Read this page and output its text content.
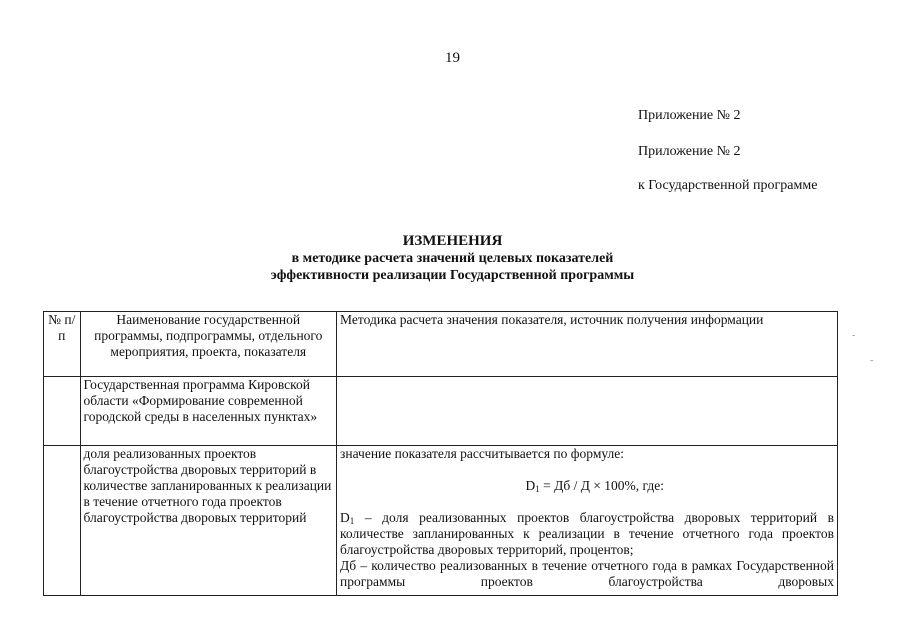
19
Приложение № 2
Приложение № 2
к Государственной программе
ИЗМЕНЕНИЯ
в методике расчета значений целевых показателей
эффективности реализации Государственной программы
№ п/п	Наименование государственной программы, подпрограммы, отдельного мероприятия, проекта, показателя	Методика расчета значения показателя, источник получения информации
	Государственная программа Кировской области «Формирование современной городской среды в населенных пунктах»	
	доля реализованных проектов благоустройства дворовых территорий в количестве запланированных к реализации в течение отчетного года проектов благоустройства дворовых территорий	значение показателя рассчитывается по формуле:
$D_1$ = Дб / Д × 100%, где:
$D_1$ – доля реализованных проектов благоустройства дворовых территорий в количестве запланированных к реализации в течение отчетного года проектов благоустройства дворовых территорий, процентов;
Дб – количество реализованных в течение отчетного года в рамках Государственной программы проектов благоустройства дворовых
-
-
